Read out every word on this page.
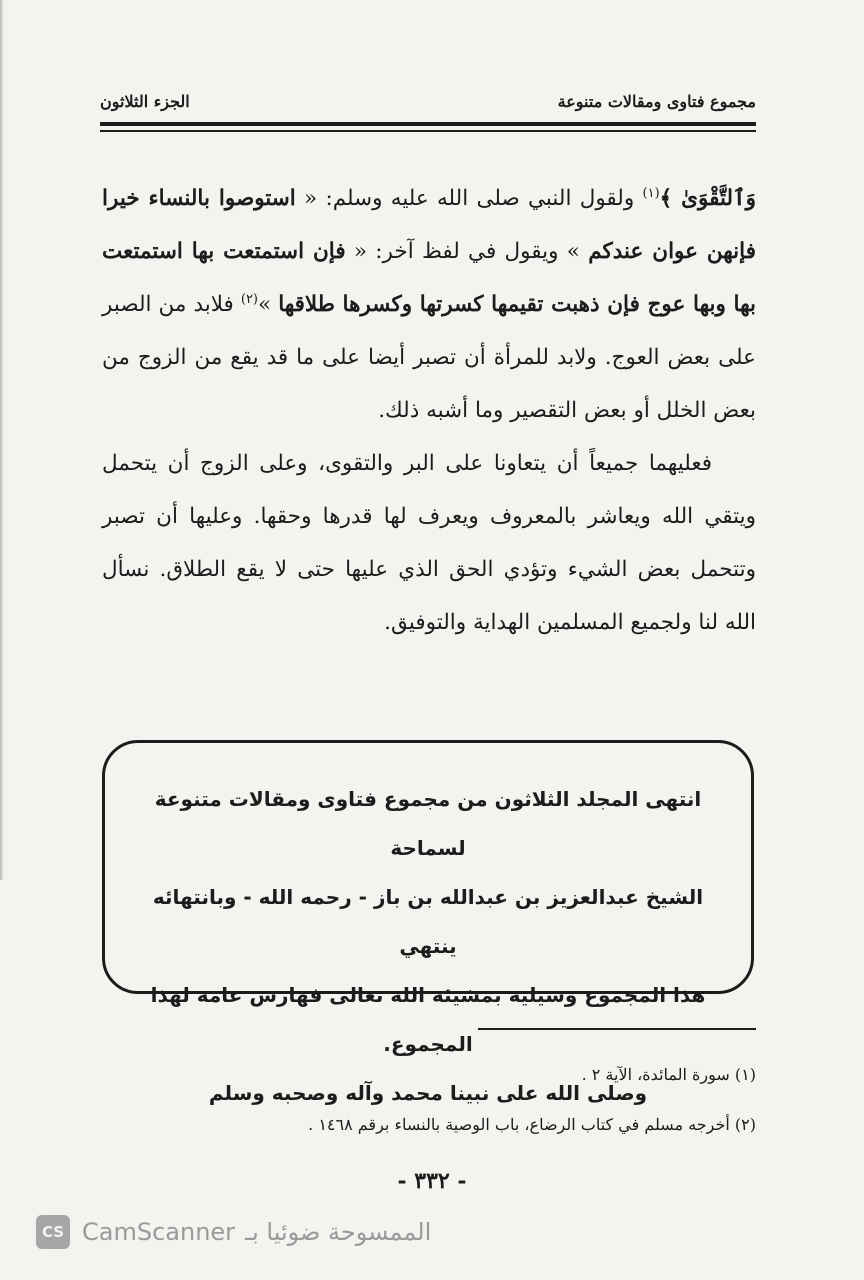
مجموع فتاوى ومقالات متنوعة
الجزء الثلاثون

وَٱلتَّقْوَىٰ ﴾$^{(١)}$ ولقول النبي صلى الله عليه وسلم: « استوصوا بالنساء خيرا فإنهن عوان عندكم » ويقول في لفظ آخر: « فإن استمتعت بها استمتعت بها وبها عوج فإن ذهبت تقيمها كسرتها وكسرها طلاقها »$^{(٢)}$ فلابد من الصبر على بعض العوج. ولابد للمرأة أن تصبر أيضا على ما قد يقع من الزوج من بعض الخلل أو بعض التقصير وما أشبه ذلك.

فعليهما جميعاً أن يتعاونا على البر والتقوى، وعلى الزوج أن يتحمل ويتقي الله ويعاشر بالمعروف ويعرف لها قدرها وحقها. وعليها أن تصبر وتتحمل بعض الشيء وتؤدي الحق الذي عليها حتى لا يقع الطلاق. نسأل الله لنا ولجميع المسلمين الهداية والتوفيق.

انتهى المجلد الثلاثون من مجموع فتاوى ومقالات متنوعة لسماحة
الشيخ عبدالعزيز بن عبدالله بن باز - رحمه الله - وبانتهائه ينتهي
هذا المجموع وسيليه بمشيئة الله تعالى فهارس عامة لهذا المجموع.
وصلى الله على نبينا محمد وآله وصحبه وسلم
(١) سورة المائدة، الآية ٢ .
(٢) أخرجه مسلم في كتاب الرضاع، باب الوصية بالنساء برقم ١٤٦٨ .
- ٣٣٢ -
CS CamScanner الممسوحة ضوئيا بـ
